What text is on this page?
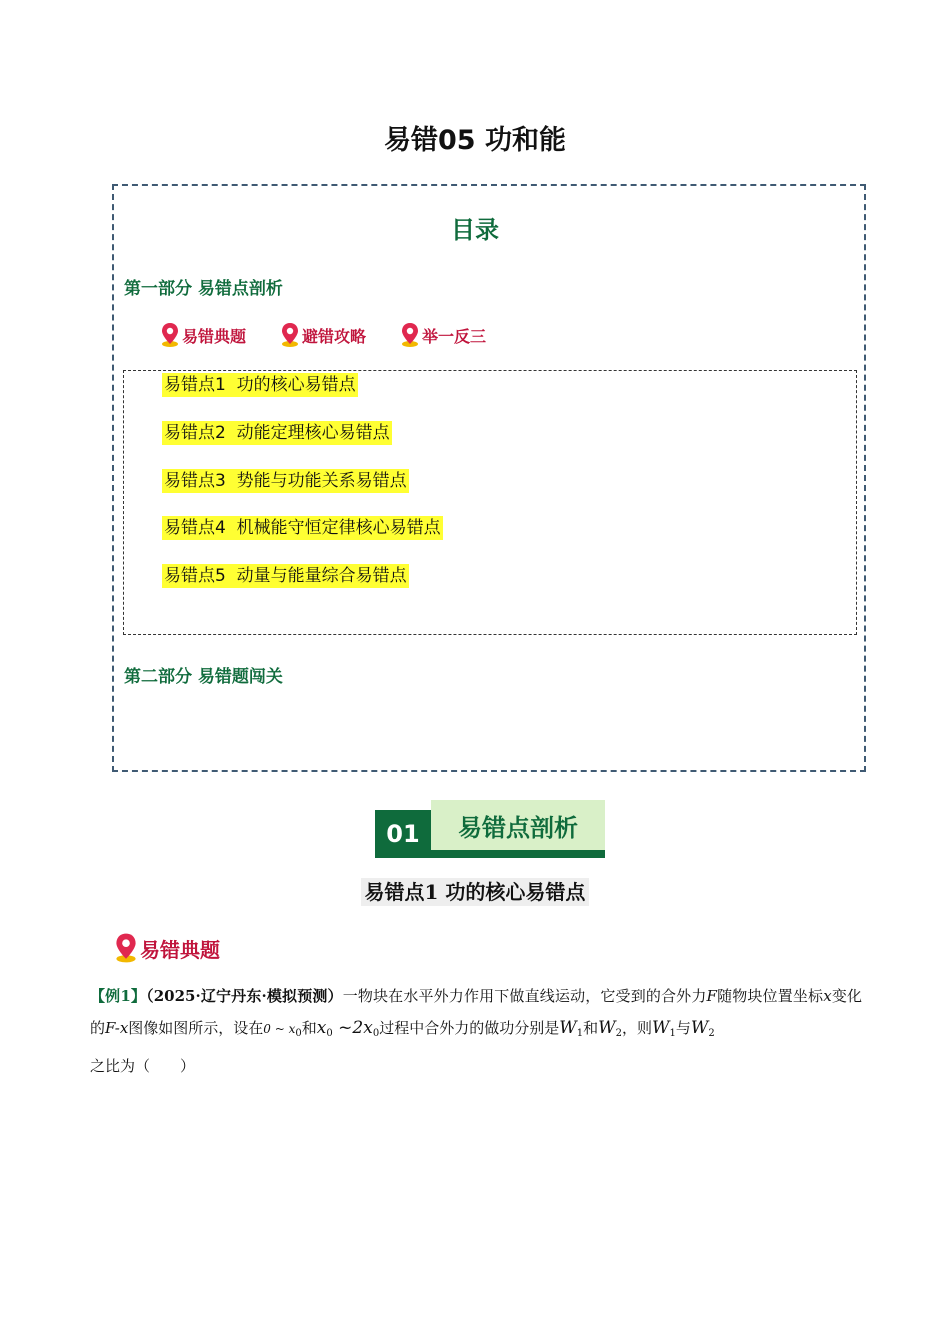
易错05 功和能
目录
第一部分 易错点剖析
易错典题	避错攻略	举一反三
易错点1 功的核心易错点
易错点2 动能定理核心易错点
易错点3 势能与功能关系易错点
易错点4 机械能守恒定律核心易错点
易错点5 动量与能量综合易错点
第二部分 易错题闯关
01	易错点剖析
易错点1 功的核心易错点
易错典题
【例1】（2025·辽宁丹东·模拟预测）一物块在水平外力作用下做直线运动，它受到的合外力F随物块位置坐标x变化的F-x图像如图所示，设在0 ~ $x_0$和$x_0$ $\sim 2x_0$过程中合外力的做功分别是$W_1$和$W_2$，则$W_1$与$W_2$
之比为（　　）
